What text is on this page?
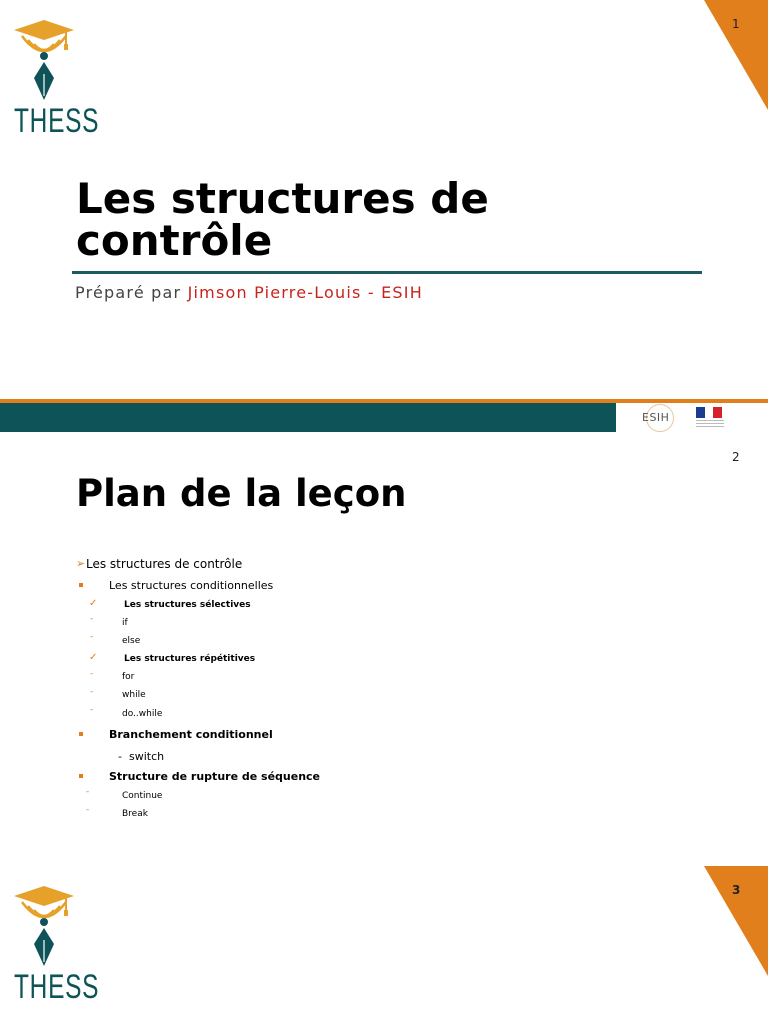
1
THESS
Les structures de contrôle
Préparé par Jimson Pierre-Louis - ESIH
ESIH
2
Plan de la leçon
➢ Les structures de contrôle
Les structures conditionnelles
✓	Les structures sélectives
-	if
-	else
✓	Les structures répétitives
-	for
-	while
-	do..while
Branchement conditionnel
- switch
Structure de rupture de séquence
-	Continue
-	Break
3
THESS
